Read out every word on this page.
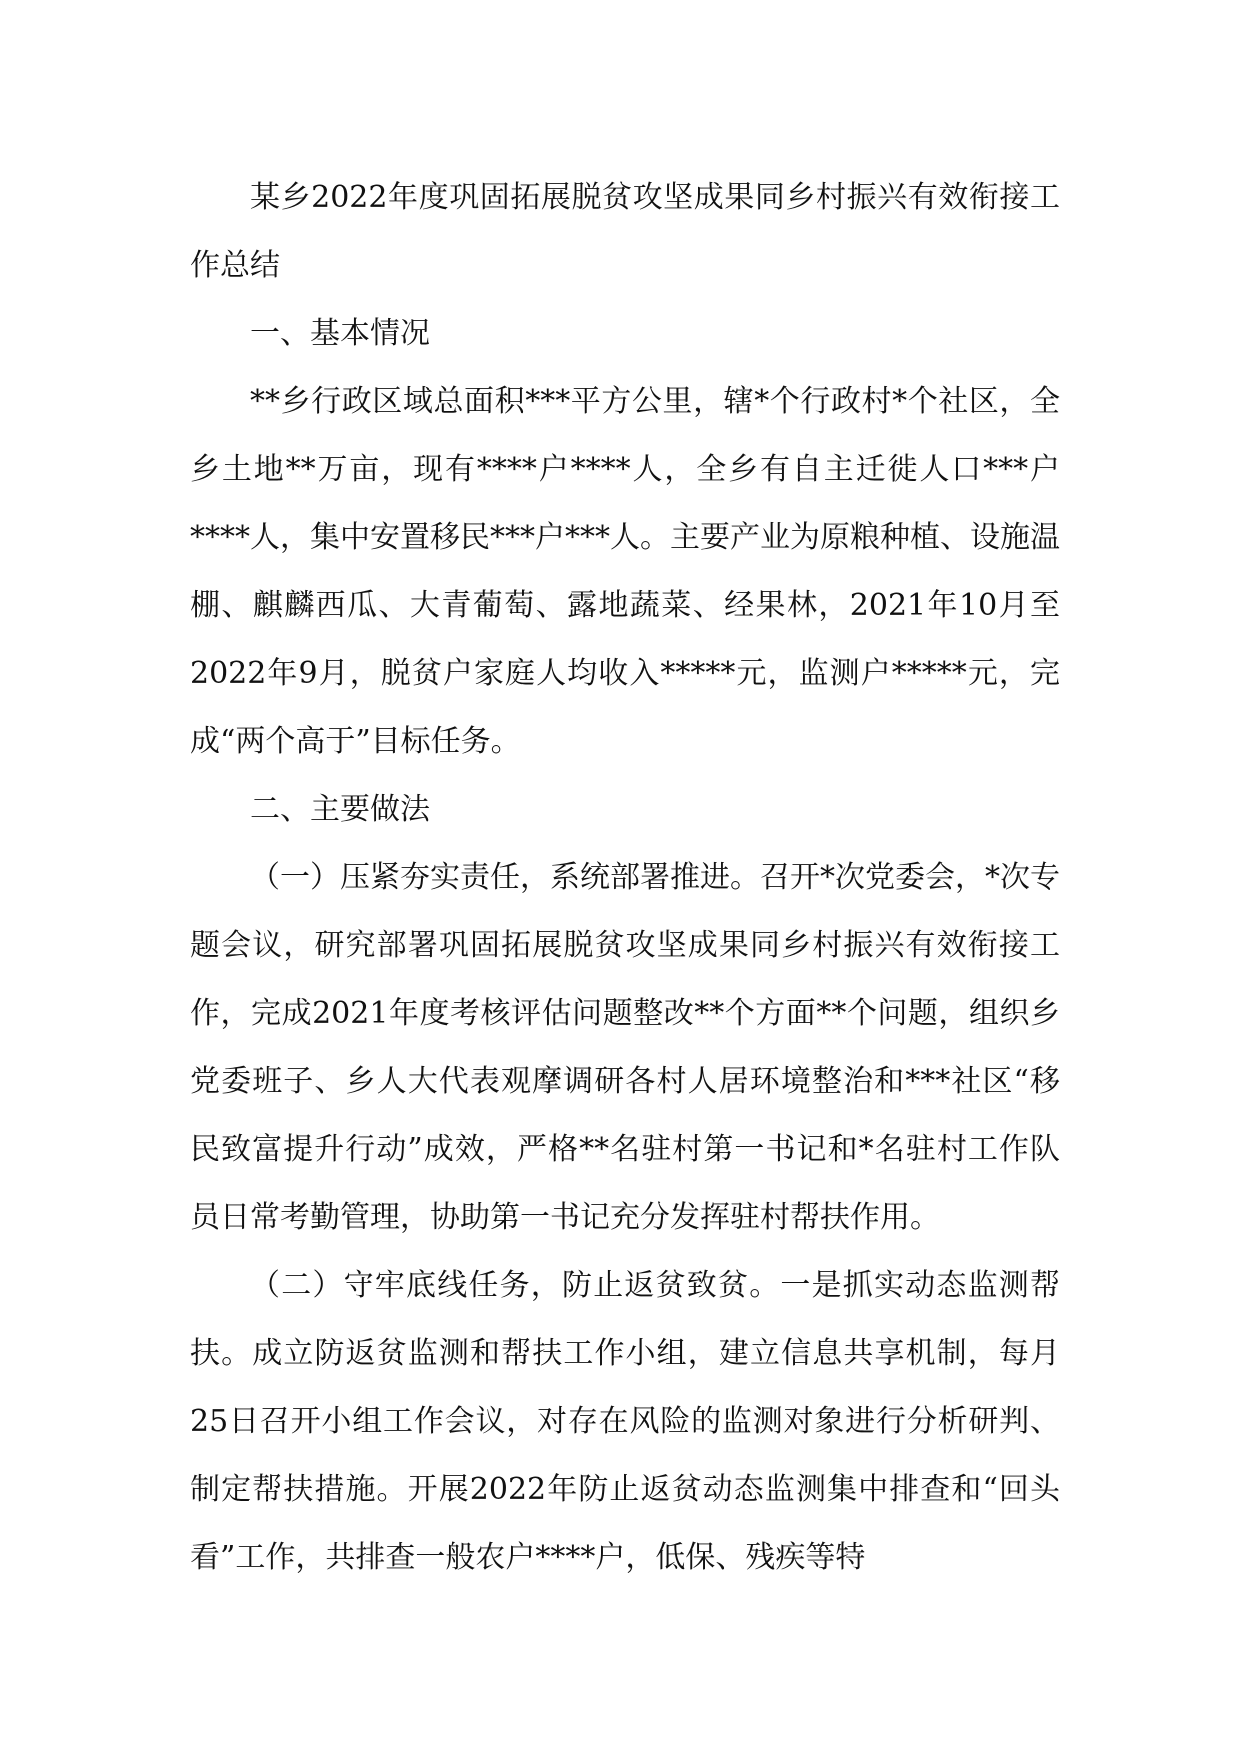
某乡2022年度巩固拓展脱贫攻坚成果同乡村振兴有效衔接工作总结

一、基本情况

**乡行政区域总面积***平方公里，辖*个行政村*个社区，全乡土地**万亩，现有****户****人，全乡有自主迁徙人口***户****人，集中安置移民***户***人。主要产业为原粮种植、设施温棚、麒麟西瓜、大青葡萄、露地蔬菜、经果林，2021年10月至2022年9月，脱贫户家庭人均收入*****元，监测户*****元，完成“两个高于”目标任务。

二、主要做法

（一）压紧夯实责任，系统部署推进。召开*次党委会，*次专题会议，研究部署巩固拓展脱贫攻坚成果同乡村振兴有效衔接工作，完成2021年度考核评估问题整改**个方面**个问题，组织乡党委班子、乡人大代表观摩调研各村人居环境整治和***社区“移民致富提升行动”成效，严格**名驻村第一书记和*名驻村工作队员日常考勤管理，协助第一书记充分发挥驻村帮扶作用。

（二）守牢底线任务，防止返贫致贫。一是抓实动态监测帮扶。成立防返贫监测和帮扶工作小组，建立信息共享机制，每月25日召开小组工作会议，对存在风险的监测对象进行分析研判、制定帮扶措施。开展2022年防止返贫动态监测集中排查和“回头看”工作，共排查一般农户****户，低保、残疾等特
